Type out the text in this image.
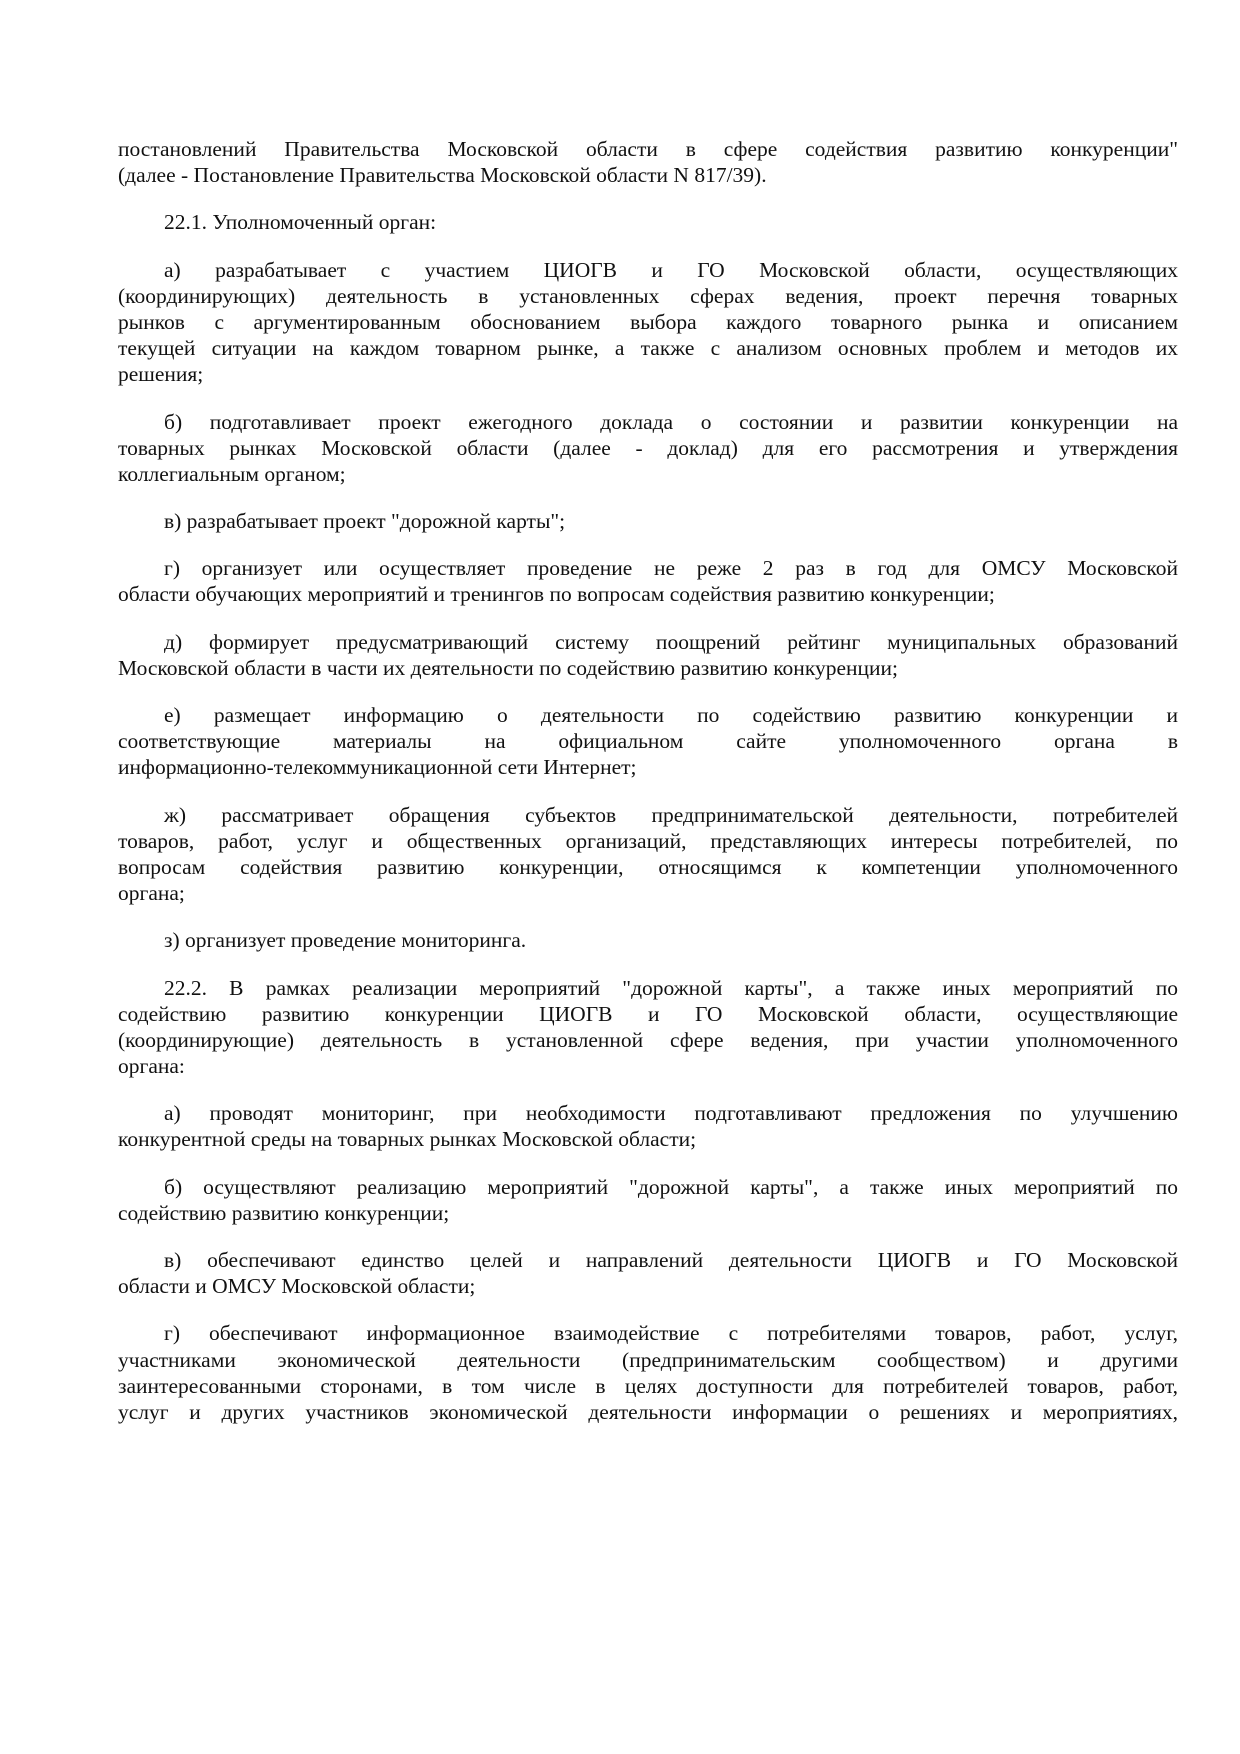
постановлений Правительства Московской области в сфере содействия развитию конкуренции"
(далее - Постановление Правительства Московской области N 817/39).
22.1. Уполномоченный орган:
а) разрабатывает с участием ЦИОГВ и ГО Московской области, осуществляющих
(координирующих) деятельность в установленных сферах ведения, проект перечня товарных
рынков с аргументированным обоснованием выбора каждого товарного рынка и описанием
текущей ситуации на каждом товарном рынке, а также с анализом основных проблем и методов их
решения;
б) подготавливает проект ежегодного доклада о состоянии и развитии конкуренции на
товарных рынках Московской области (далее - доклад) для его рассмотрения и утверждения
коллегиальным органом;
в) разрабатывает проект "дорожной карты";
г) организует или осуществляет проведение не реже 2 раз в год для ОМСУ Московской
области обучающих мероприятий и тренингов по вопросам содействия развитию конкуренции;
д) формирует предусматривающий систему поощрений рейтинг муниципальных образований
Московской области в части их деятельности по содействию развитию конкуренции;
е) размещает информацию о деятельности по содействию развитию конкуренции и
соответствующие материалы на официальном сайте уполномоченного органа в
информационно-телекоммуникационной сети Интернет;
ж) рассматривает обращения субъектов предпринимательской деятельности, потребителей
товаров, работ, услуг и общественных организаций, представляющих интересы потребителей, по
вопросам содействия развитию конкуренции, относящимся к компетенции уполномоченного
органа;
з) организует проведение мониторинга.
22.2. В рамках реализации мероприятий "дорожной карты", а также иных мероприятий по
содействию развитию конкуренции ЦИОГВ и ГО Московской области, осуществляющие
(координирующие) деятельность в установленной сфере ведения, при участии уполномоченного
органа:
а) проводят мониторинг, при необходимости подготавливают предложения по улучшению
конкурентной среды на товарных рынках Московской области;
б) осуществляют реализацию мероприятий "дорожной карты", а также иных мероприятий по
содействию развитию конкуренции;
в) обеспечивают единство целей и направлений деятельности ЦИОГВ и ГО Московской
области и ОМСУ Московской области;
г) обеспечивают информационное взаимодействие с потребителями товаров, работ, услуг,
участниками экономической деятельности (предпринимательским сообществом) и другими
заинтересованными сторонами, в том числе в целях доступности для потребителей товаров, работ,
услуг и других участников экономической деятельности информации о решениях и мероприятиях,
